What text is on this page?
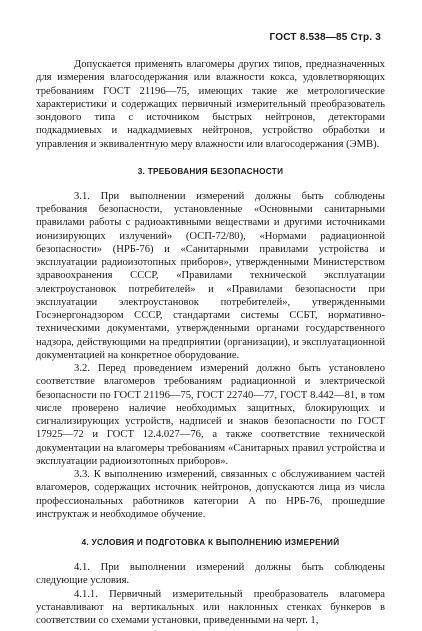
ГОСТ 8.538—85 Стр. 3

Допускается применять влагомеры других типов, предназначенных для измерения влагосодержания или влажности кокса, удовлетворяющих требованиям ГОСТ 21196—75, имеющих такие же метрологические характеристики и содержащих первичный измерительный преобразователь зондового типа с источником быстрых нейтронов, детекторами подкадмиевых и надкадмиевых нейтронов, устройство обработки и управления и эквивалентную меру влажности или влагосодержания (ЭМВ).

3. ТРЕБОВАНИЯ БЕЗОПАСНОСТИ

3.1. При выполнении измерений должны быть соблюдены требования безопасности, установленные «Основными санитарными правилами работы с радиоактивными веществами и другими источниками ионизирующих излучений» (ОСП-72/80), «Нормами радиационной безопасности» (НРБ-76) и «Санитарными правилами устройства и эксплуатации радиоизотопных приборов», утвержденными Министерством здравоохранения СССР, «Правилами технической эксплуатации электроустановок потребителей» и «Правилами безопасности при эксплуатации электроустановок потребителей», утвержденными Госэнергонадзором СССР, стандартами системы ССБТ, нормативно-техническими документами, утвержденными органами государственного надзора, действующими на предприятии (организации), и эксплуатационной документацией на конкретное оборудование.

3.2. Перед проведением измерений должно быть установлено соответствие влагомеров требованиям радиационной и электрической безопасности по ГОСТ 21196—75, ГОСТ 22740—77, ГОСТ 8.442—81, в том числе проверено наличие необходимых защитных, блокирующих и сигнализирующих устройств, надписей и знаков безопасности по ГОСТ 17925—72 и ГОСТ 12.4.027—76, а также соответствие технической документации на влагомеры требованиям «Санитарных правил устройства и эксплуатации радиоизотопных приборов».

3.3. К выполнению измерений, связанных с обслуживанием частей влагомеров, содержащих источник нейтронов, допускаются лица из числа профессиональных работников категории А по НРБ-76, прошедшие инструктаж и необходимое обучение.

4. УСЛОВИЯ И ПОДГОТОВКА К ВЫПОЛНЕНИЮ ИЗМЕРЕНИЙ

4.1. При выполнении измерений должны быть соблюдены следующие условия.

4.1.1. Первичный измерительный преобразователь влагомера устанавливают на вертикальных или наклонных стенках бункеров в соответствии со схемами установки, приведенными на черт. 1,
